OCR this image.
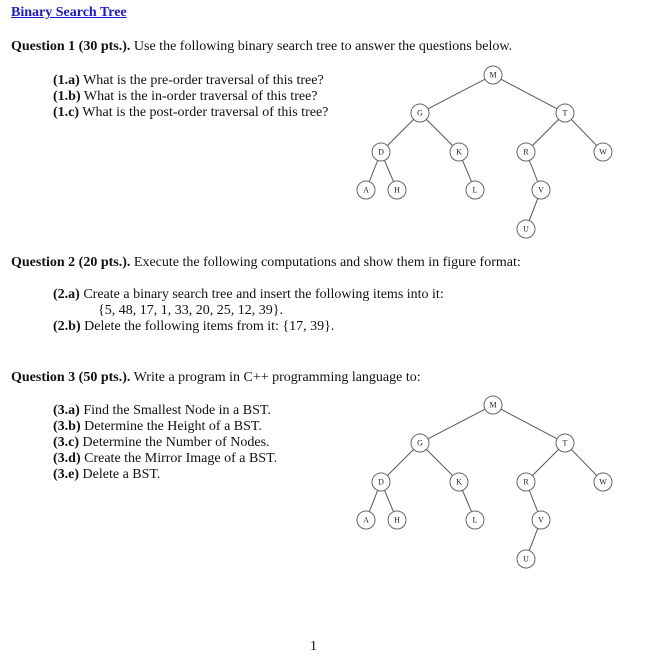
Binary Search Tree
Question 1 (30 pts.). Use the following binary search tree to answer the questions below.
(1.a) What is the pre-order traversal of this tree?
(1.b) What is the in-order traversal of this tree?
(1.c) What is the post-order traversal of this tree?
M
G	T
D	K	R	W
A	H	L	V
U
Question 2 (20 pts.). Execute the following computations and show them in figure format:
(2.a) Create a binary search tree and insert the following items into it:
{5, 48, 17, 1, 33, 20, 25, 12, 39}.
(2.b) Delete the following items from it: {17, 39}.
Question 3 (50 pts.). Write a program in C++ programming language to:
(3.a) Find the Smallest Node in a BST.
(3.b) Determine the Height of a BST.
(3.c) Determine the Number of Nodes.
(3.d) Create the Mirror Image of a BST.
(3.e) Delete a BST.
M
G	T
D	K	R	W
A	H	L	V
U
1
